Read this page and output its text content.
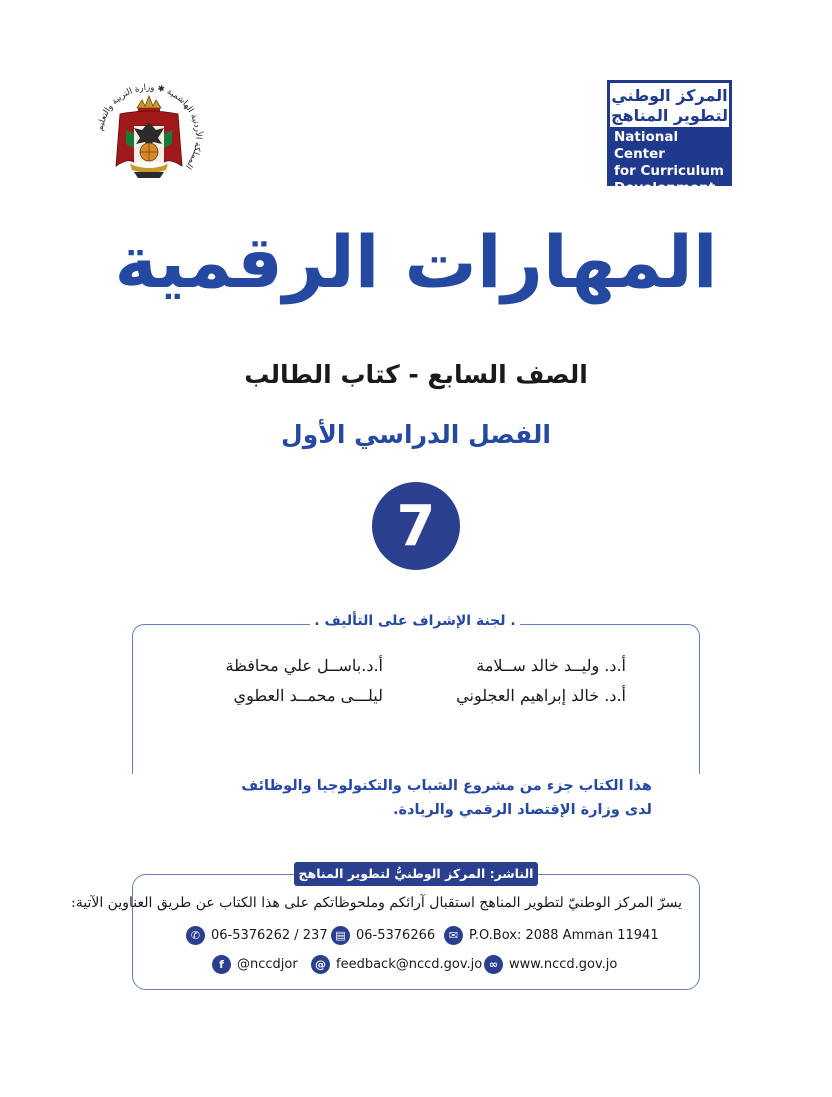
المملكة الأردنية الهاشمية ✱ وزارة التربية والتعليم
المركز الوطني
لتطوير المناهج
National Center
for Curriculum
Development
المهارات الرقمية
الصف السابع - كتاب الطالب
الفصل الدراسي الأول
7
. لجنة الإشراف على التأليف .
أ.د. وليــد خالد ســلامة
أ.د.باســل علي محافظة
أ.د. خالد إبراهيم العجلوني
ليلـــى محمــد العطوي
هذا الكتاب جزء من مشروع الشباب والتكنولوجيا والوظائف
لدى وزارة الإقتصاد الرقمي والريادة.
الناشر: المركز الوطنيُّ لتطوير المناهج
يسرّ المركز الوطنيّ لتطوير المناهج استقبال آرائكم وملحوظاتكم على هذا الكتاب عن طريق العناوين الآتية:
✆ 06-5376262 / 237 ▤ 06-5376266	✉ P.O.Box: 2088 Amman 11941
f	@nccdjor	@ feedback@nccd.gov.jo ∞ www.nccd.gov.jo
